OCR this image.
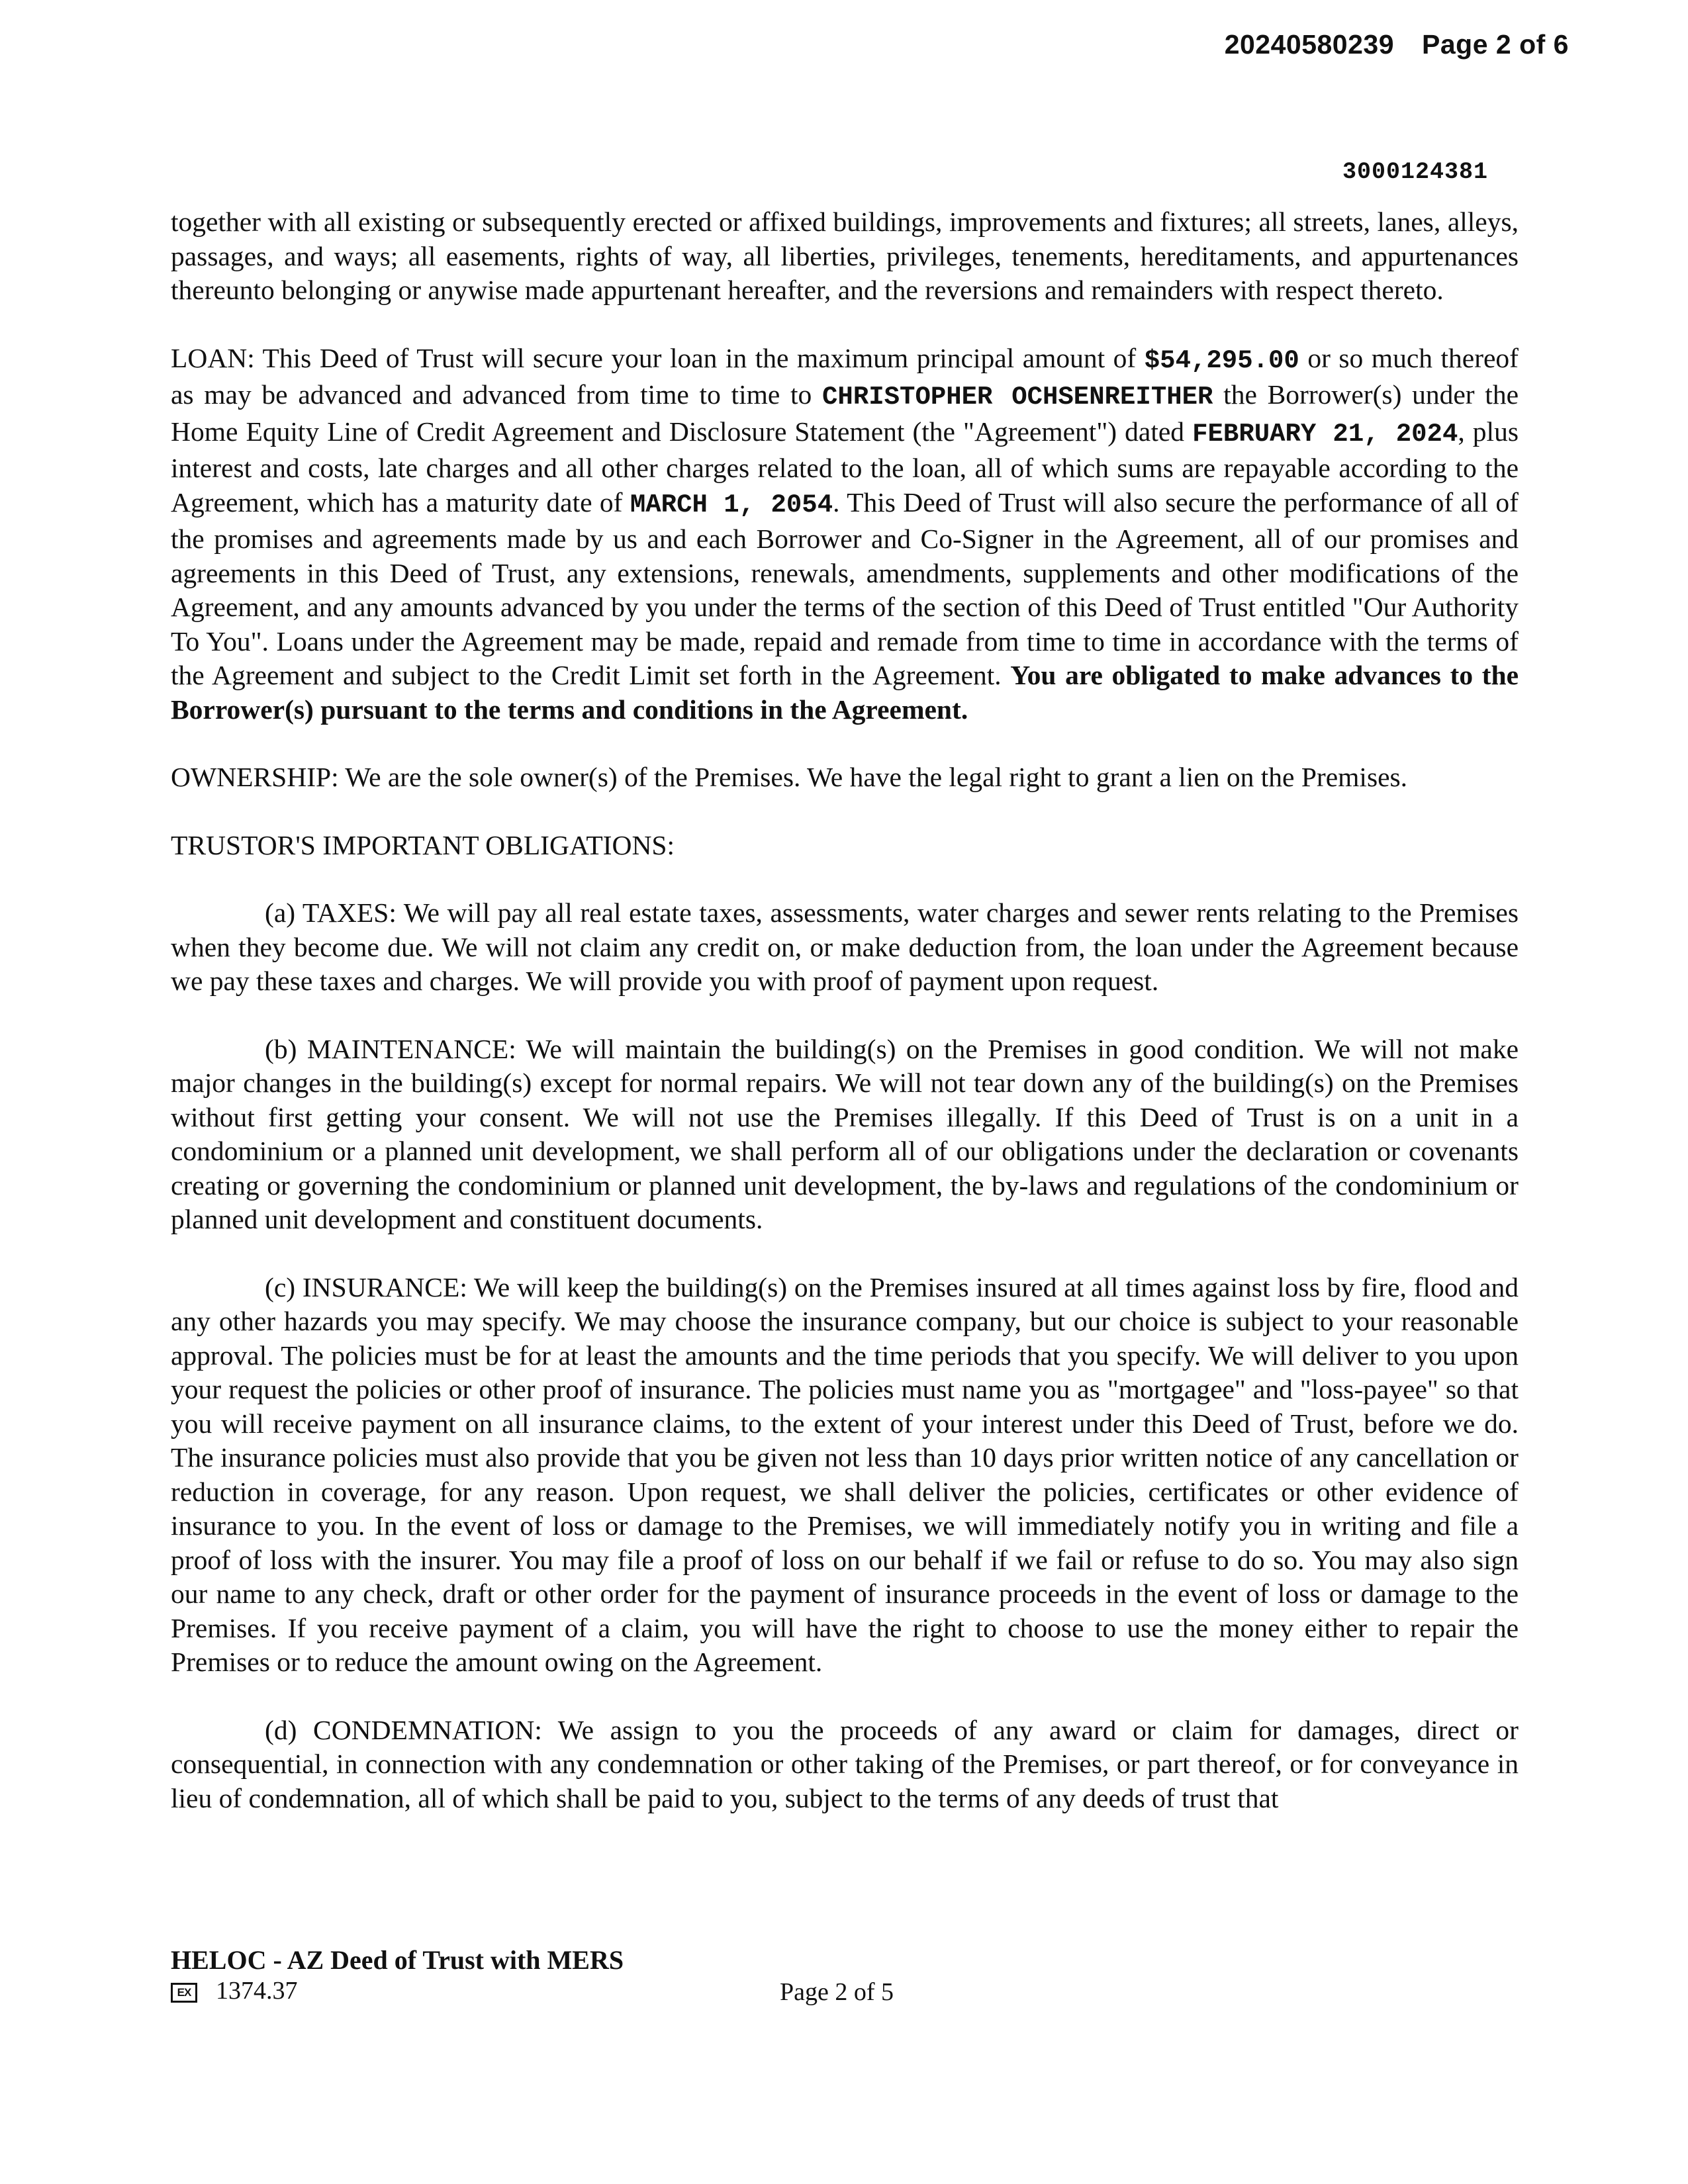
20240580239 Page 2 of 6
3000124381

together with all existing or subsequently erected or affixed buildings, improvements and fixtures; all streets, lanes, alleys, passages, and ways; all easements, rights of way, all liberties, privileges, tenements, hereditaments, and appurtenances thereunto belonging or anywise made appurtenant hereafter, and the reversions and remainders with respect thereto.

LOAN: This Deed of Trust will secure your loan in the maximum principal amount of $54,295.00 or so much thereof as may be advanced and advanced from time to time to CHRISTOPHER OCHSENREITHER the Borrower(s) under the Home Equity Line of Credit Agreement and Disclosure Statement (the "Agreement") dated FEBRUARY 21, 2024, plus interest and costs, late charges and all other charges related to the loan, all of which sums are repayable according to the Agreement, which has a maturity date of MARCH 1, 2054. This Deed of Trust will also secure the performance of all of the promises and agreements made by us and each Borrower and Co-Signer in the Agreement, all of our promises and agreements in this Deed of Trust, any extensions, renewals, amendments, supplements and other modifications of the Agreement, and any amounts advanced by you under the terms of the section of this Deed of Trust entitled "Our Authority To You". Loans under the Agreement may be made, repaid and remade from time to time in accordance with the terms of the Agreement and subject to the Credit Limit set forth in the Agreement. You are obligated to make advances to the Borrower(s) pursuant to the terms and conditions in the Agreement.

OWNERSHIP: We are the sole owner(s) of the Premises. We have the legal right to grant a lien on the Premises.

TRUSTOR'S IMPORTANT OBLIGATIONS:

(a) TAXES: We will pay all real estate taxes, assessments, water charges and sewer rents relating to the Premises when they become due. We will not claim any credit on, or make deduction from, the loan under the Agreement because we pay these taxes and charges. We will provide you with proof of payment upon request.

(b) MAINTENANCE: We will maintain the building(s) on the Premises in good condition. We will not make major changes in the building(s) except for normal repairs. We will not tear down any of the building(s) on the Premises without first getting your consent. We will not use the Premises illegally. If this Deed of Trust is on a unit in a condominium or a planned unit development, we shall perform all of our obligations under the declaration or covenants creating or governing the condominium or planned unit development, the by-laws and regulations of the condominium or planned unit development and constituent documents.

(c) INSURANCE: We will keep the building(s) on the Premises insured at all times against loss by fire, flood and any other hazards you may specify. We may choose the insurance company, but our choice is subject to your reasonable approval. The policies must be for at least the amounts and the time periods that you specify. We will deliver to you upon your request the policies or other proof of insurance. The policies must name you as "mortgagee" and "loss-payee" so that you will receive payment on all insurance claims, to the extent of your interest under this Deed of Trust, before we do. The insurance policies must also provide that you be given not less than 10 days prior written notice of any cancellation or reduction in coverage, for any reason. Upon request, we shall deliver the policies, certificates or other evidence of insurance to you. In the event of loss or damage to the Premises, we will immediately notify you in writing and file a proof of loss with the insurer. You may file a proof of loss on our behalf if we fail or refuse to do so. You may also sign our name to any check, draft or other order for the payment of insurance proceeds in the event of loss or damage to the Premises. If you receive payment of a claim, you will have the right to choose to use the money either to repair the Premises or to reduce the amount owing on the Agreement.

(d) CONDEMNATION: We assign to you the proceeds of any award or claim for damages, direct or consequential, in connection with any condemnation or other taking of the Premises, or part thereof, or for conveyance in lieu of condemnation, all of which shall be paid to you, subject to the terms of any deeds of trust that

HELOC - AZ Deed of Trust with MERS
EX 1374.37	Page 2 of 5
